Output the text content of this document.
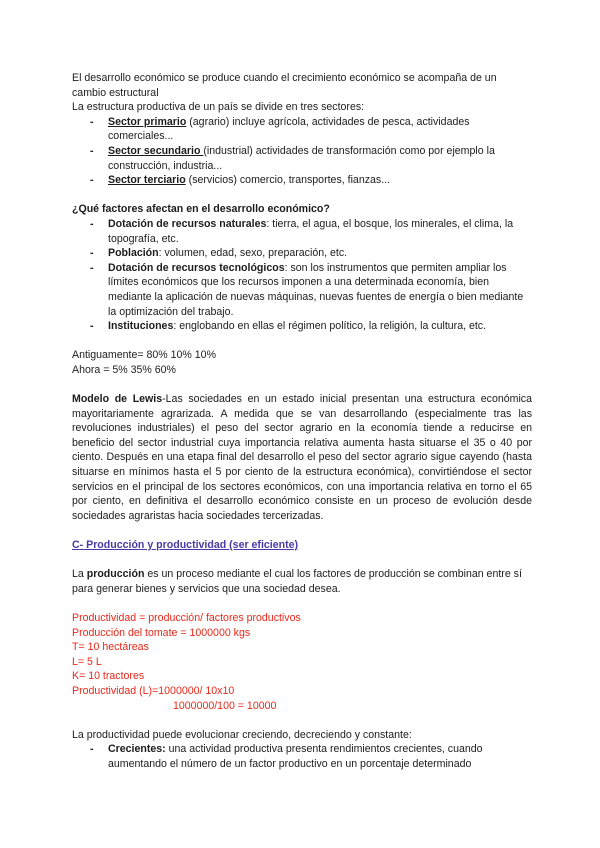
El desarrollo económico se produce cuando el crecimiento económico se acompaña de un cambio estructural

La estructura productiva de un país se divide en tres sectores:

- Sector primario (agrario) incluye agrícola, actividades de pesca, actividades comerciales...
- Sector secundario (industrial) actividades de transformación como por ejemplo la construcción, industria...
- Sector terciario (servicios) comercio, transportes, fianzas...

¿Qué factores afectan en el desarrollo económico?

- Dotación de recursos naturales: tierra, el agua, el bosque, los minerales, el clima, la topografía, etc.
- Población: volumen, edad, sexo, preparación, etc.
- Dotación de recursos tecnológicos: son los instrumentos que permiten ampliar los límites económicos que los recursos imponen a una determinada economía, bien mediante la aplicación de nuevas máquinas, nuevas fuentes de energía o bien mediante la optimización del trabajo.
- Instituciones: englobando en ellas el régimen político, la religión, la cultura, etc.

Antiguamente= 80% 10% 10%

Ahora = 5% 35% 60%

Modelo de Lewis-Las sociedades en un estado inicial presentan una estructura económica mayoritariamente agrarizada. A medida que se van desarrollando (especialmente tras las revoluciones industriales) el peso del sector agrario en la economía tiende a reducirse en beneficio del sector industrial cuya importancia relativa aumenta hasta situarse el 35 o 40 por ciento. Después en una etapa final del desarrollo el peso del sector agrario sigue cayendo (hasta situarse en mínimos hasta el 5 por ciento de la estructura económica), convirtiéndose el sector servicios en el principal de los sectores económicos, con una importancia relativa en torno el 65 por ciento, en definitiva el desarrollo económico consiste en un proceso de evolución desde sociedades agraristas hacia sociedades tercerizadas.

C- Producción y productividad (ser eficiente)

La producción es un proceso mediante el cual los factores de producción se combinan entre sí para generar bienes y servicios que una sociedad desea.

Productividad = producción/ factores productivos

Producción del tomate = 1000000 kgs

T= 10 hectáreas

L= 5 L

K= 10 tractores

Productividad (L)=1000000/ 10x10

1000000/100 = 10000

La productividad puede evolucionar creciendo, decreciendo y constante:

- Crecientes: una actividad productiva presenta rendimientos crecientes, cuando aumentando el número de un factor productivo en un porcentaje determinado
